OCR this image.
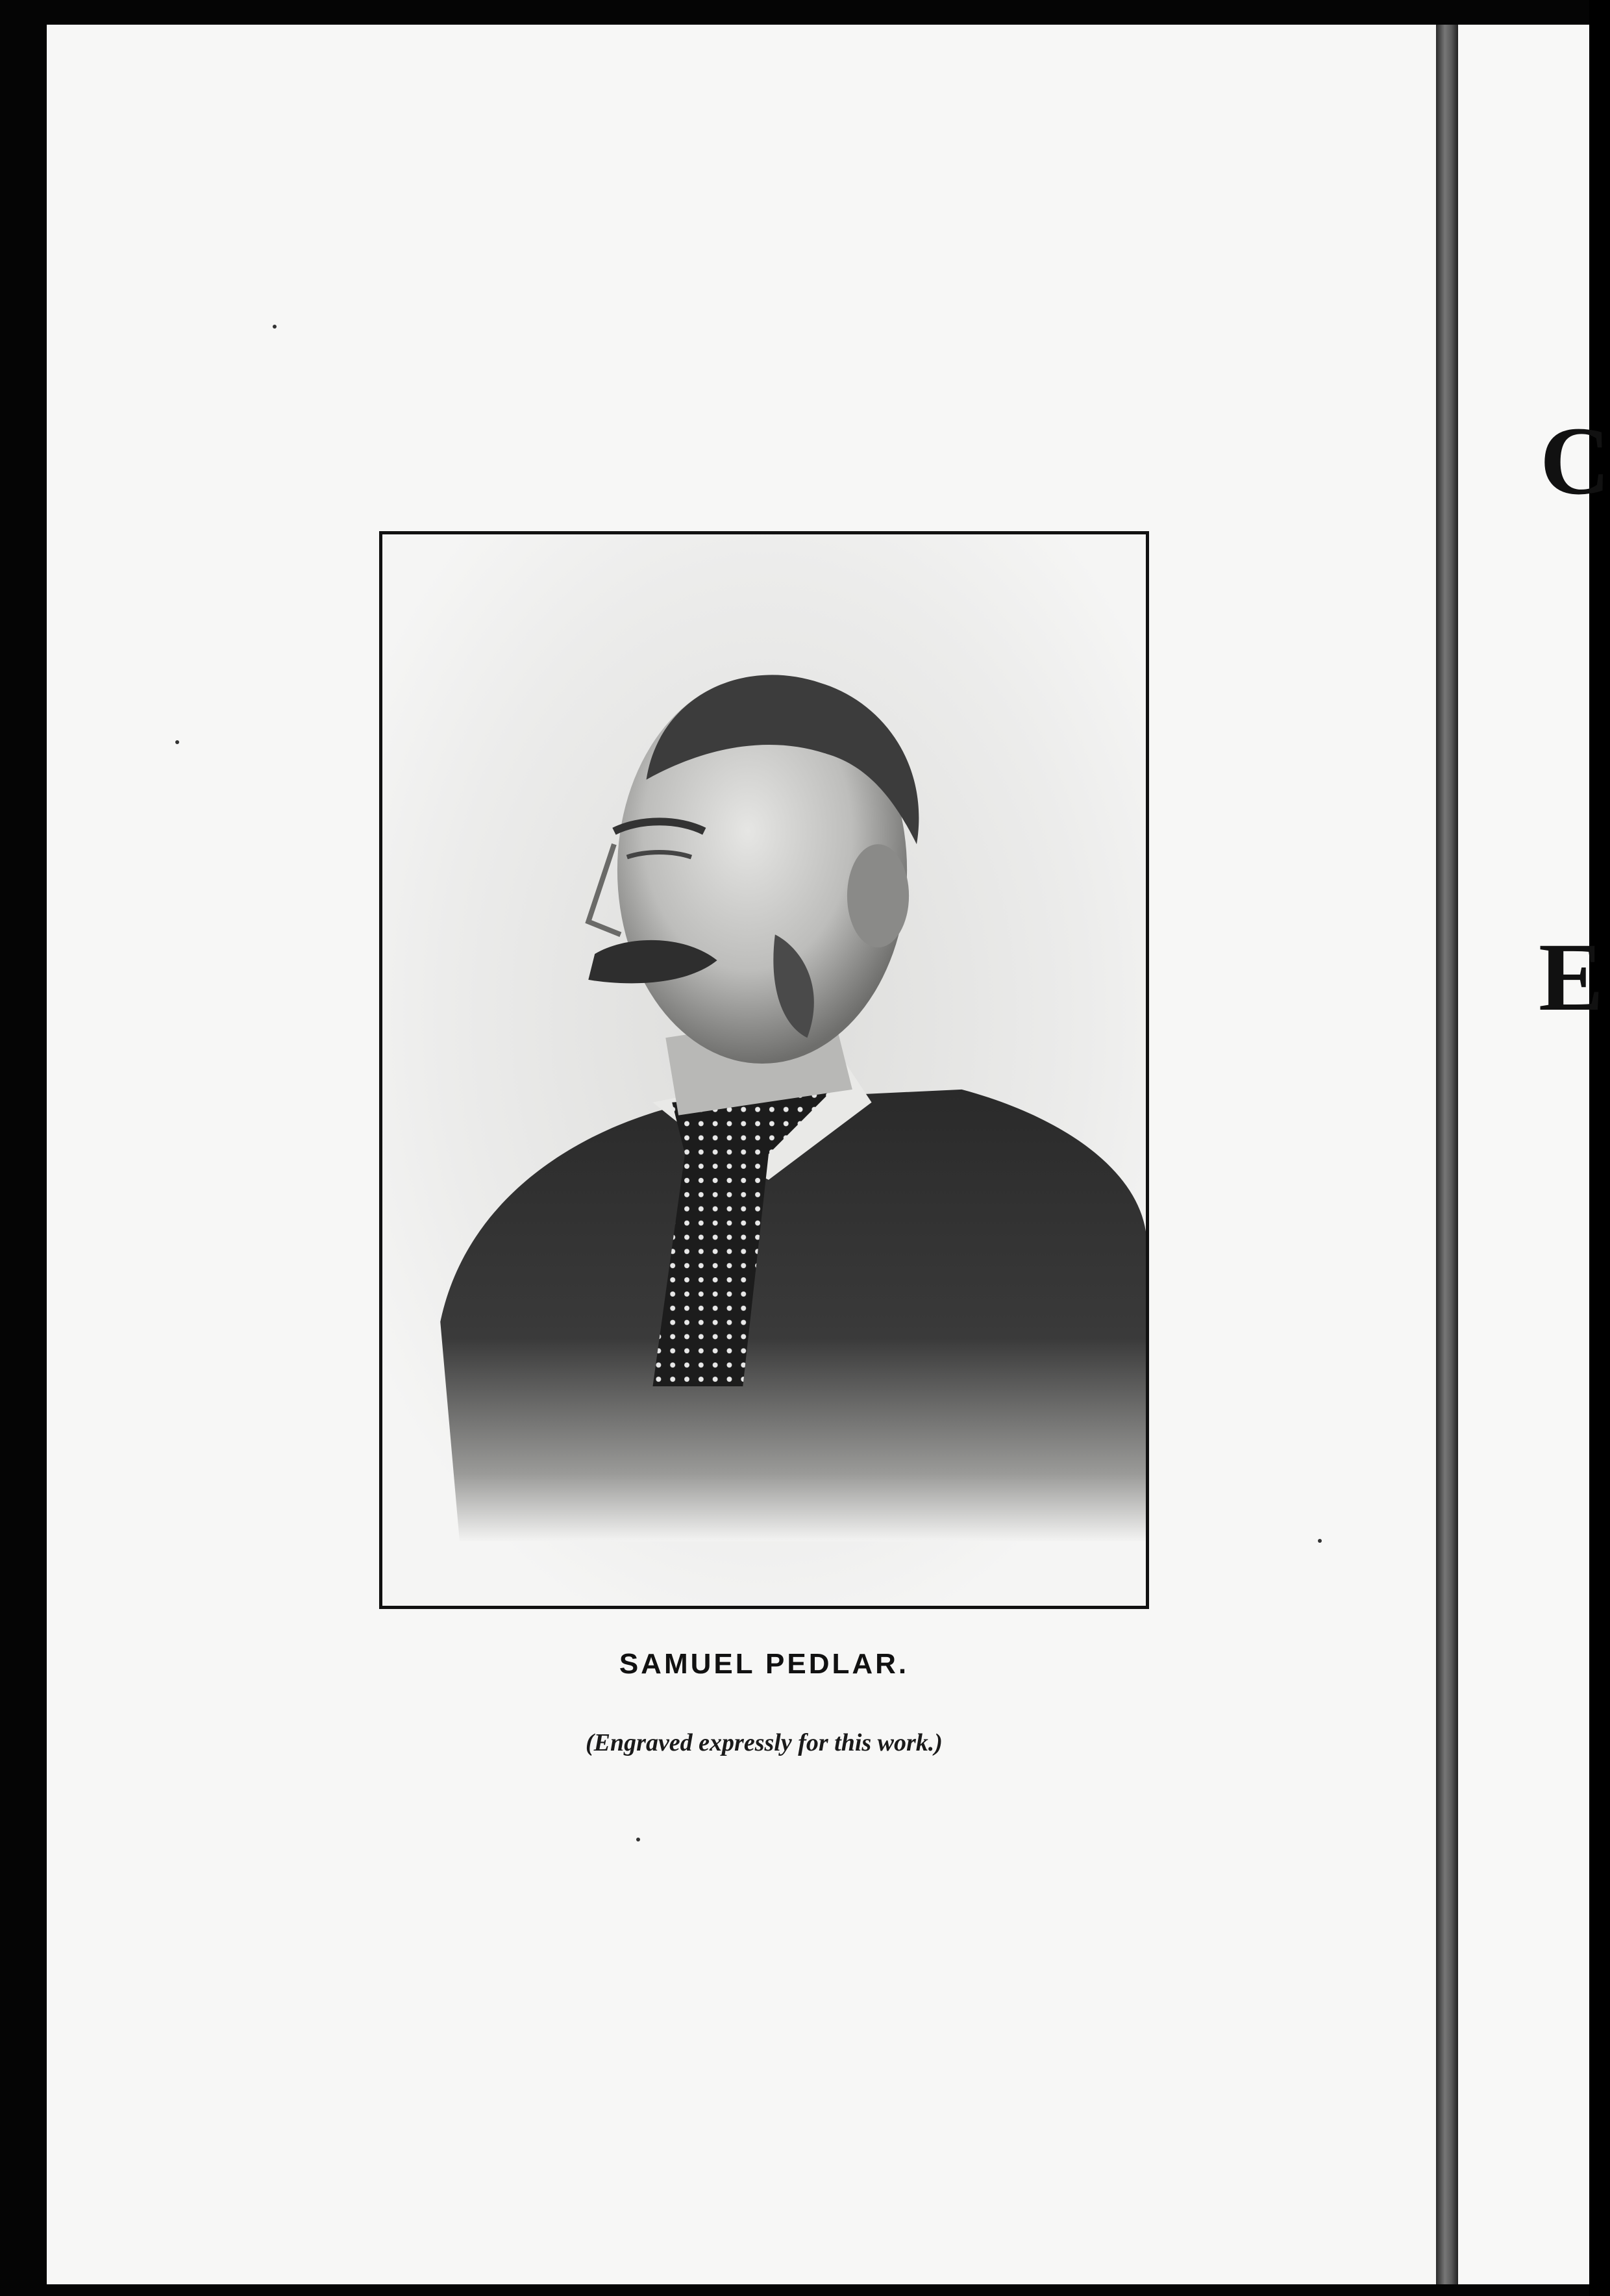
C
E
SAMUEL PEDLAR.
(Engraved expressly for this work.)
